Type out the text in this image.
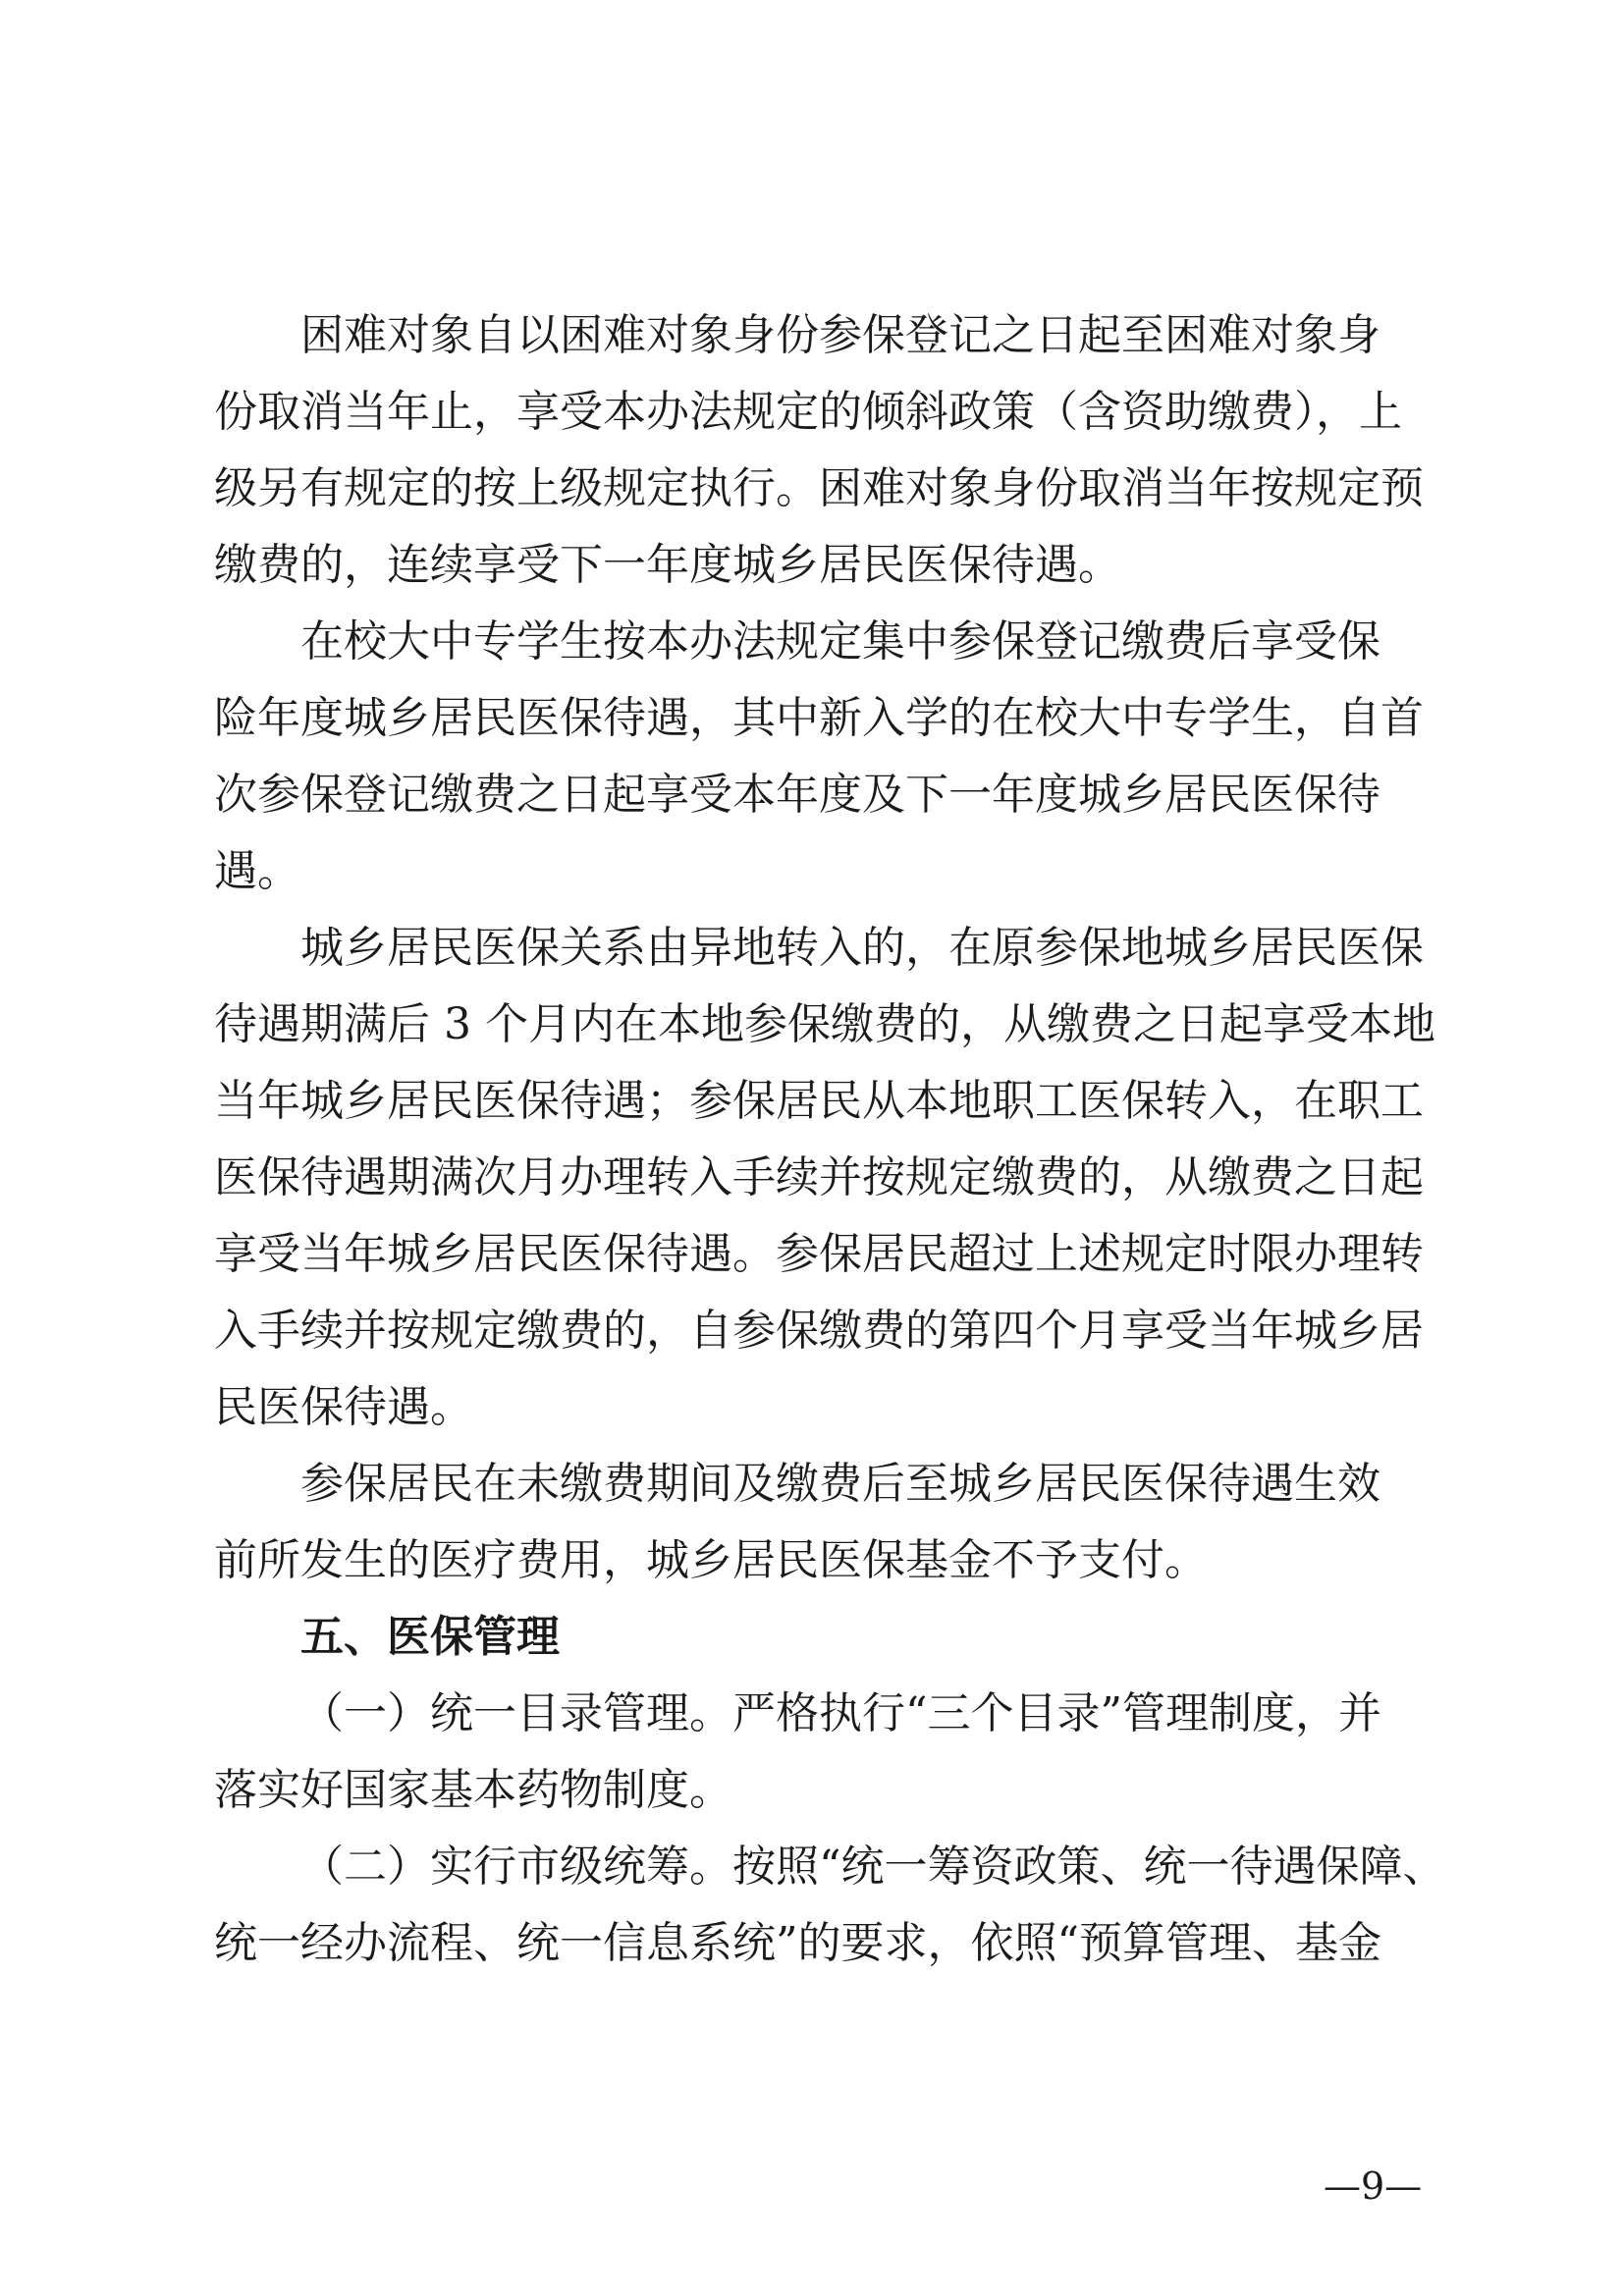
困难对象自以困难对象身份参保登记之日起至困难对象身
份取消当年止，享受本办法规定的倾斜政策（含资助缴费），上
级另有规定的按上级规定执行。困难对象身份取消当年按规定预
缴费的，连续享受下一年度城乡居民医保待遇。
在校大中专学生按本办法规定集中参保登记缴费后享受保
险年度城乡居民医保待遇，其中新入学的在校大中专学生，自首
次参保登记缴费之日起享受本年度及下一年度城乡居民医保待
遇。
城乡居民医保关系由异地转入的，在原参保地城乡居民医保
待遇期满后 3 个月内在本地参保缴费的，从缴费之日起享受本地
当年城乡居民医保待遇；参保居民从本地职工医保转入，在职工
医保待遇期满次月办理转入手续并按规定缴费的，从缴费之日起
享受当年城乡居民医保待遇。参保居民超过上述规定时限办理转
入手续并按规定缴费的，自参保缴费的第四个月享受当年城乡居
民医保待遇。
参保居民在未缴费期间及缴费后至城乡居民医保待遇生效
前所发生的医疗费用，城乡居民医保基金不予支付。
五、医保管理
（一）统一目录管理。严格执行“三个目录”管理制度，并
落实好国家基本药物制度。
（二）实行市级统筹。按照“统一筹资政策、统一待遇保障、
统一经办流程、统一信息系统”的要求，依照“预算管理、基金
—9—
